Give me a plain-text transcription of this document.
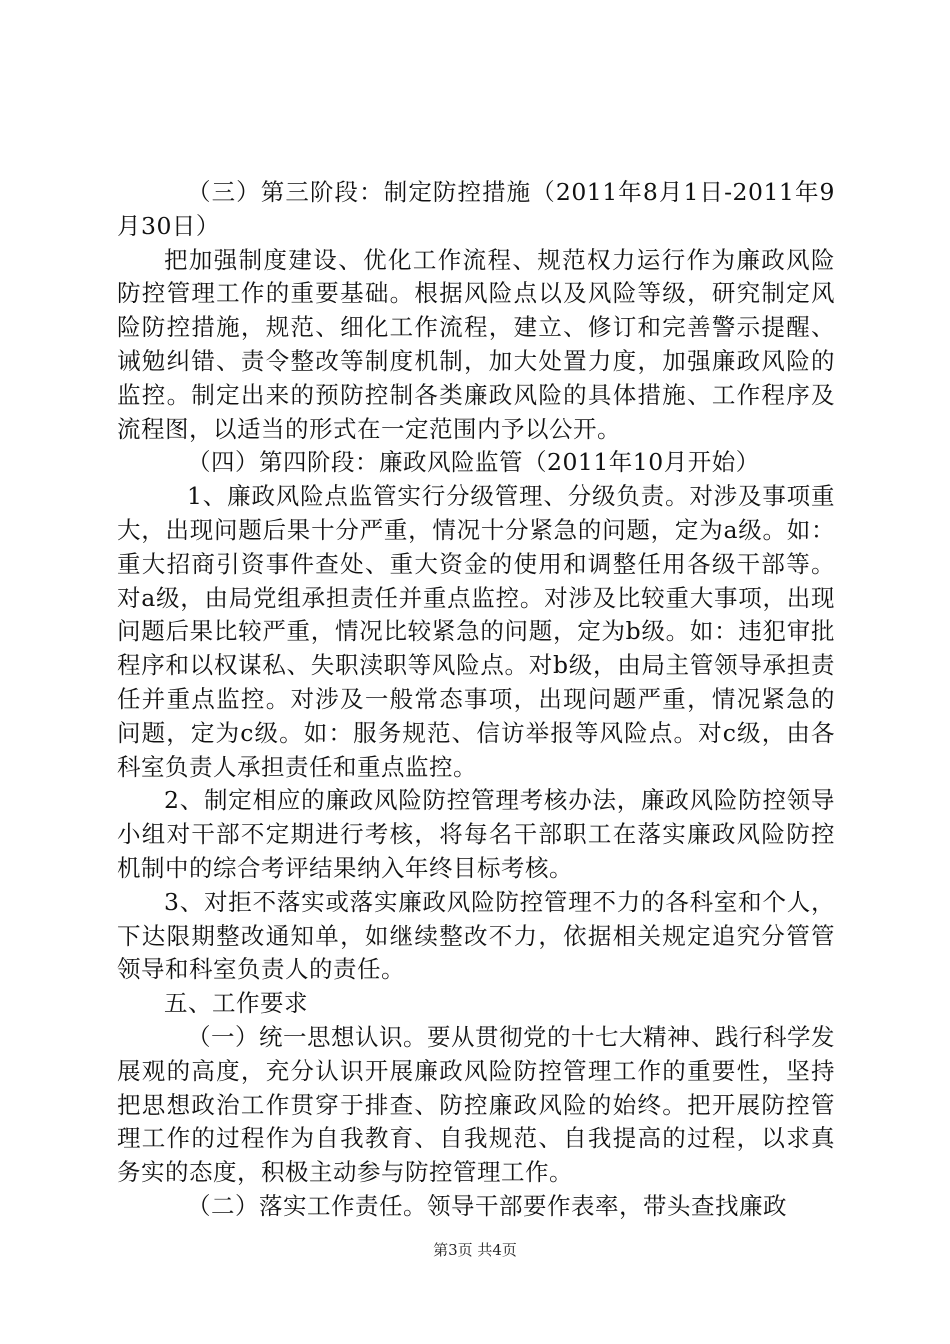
（三）第三阶段：制定防控措施（2011年8月1日-2011年9月30日）

把加强制度建设、优化工作流程、规范权力运行作为廉政风险防控管理工作的重要基础。根据风险点以及风险等级，研究制定风险防控措施，规范、细化工作流程，建立、修订和完善警示提醒、诫勉纠错、责令整改等制度机制，加大处置力度，加强廉政风险的监控。制定出来的预防控制各类廉政风险的具体措施、工作程序及流程图，以适当的形式在一定范围内予以公开。

（四）第四阶段：廉政风险监管（2011年10月开始）

1、廉政风险点监管实行分级管理、分级负责。对涉及事项重大，出现问题后果十分严重，情况十分紧急的问题，定为a级。如：重大招商引资事件查处、重大资金的使用和调整任用各级干部等。对a级，由局党组承担责任并重点监控。对涉及比较重大事项，出现问题后果比较严重，情况比较紧急的问题，定为b级。如：违犯审批程序和以权谋私、失职渎职等风险点。对b级，由局主管领导承担责任并重点监控。对涉及一般常态事项，出现问题严重，情况紧急的问题，定为c级。如：服务规范、信访举报等风险点。对c级，由各科室负责人承担责任和重点监控。

2、制定相应的廉政风险防控管理考核办法，廉政风险防控领导小组对干部不定期进行考核，将每名干部职工在落实廉政风险防控机制中的综合考评结果纳入年终目标考核。

3、对拒不落实或落实廉政风险防控管理不力的各科室和个人，下达限期整改通知单，如继续整改不力，依据相关规定追究分管管领导和科室负责人的责任。

五、工作要求

（一）统一思想认识。要从贯彻党的十七大精神、践行科学发展观的高度，充分认识开展廉政风险防控管理工作的重要性，坚持把思想政治工作贯穿于排查、防控廉政风险的始终。把开展防控管理工作的过程作为自我教育、自我规范、自我提高的过程，以求真务实的态度，积极主动参与防控管理工作。

（二）落实工作责任。领导干部要作表率，带头查找廉政

第3页 共4页
